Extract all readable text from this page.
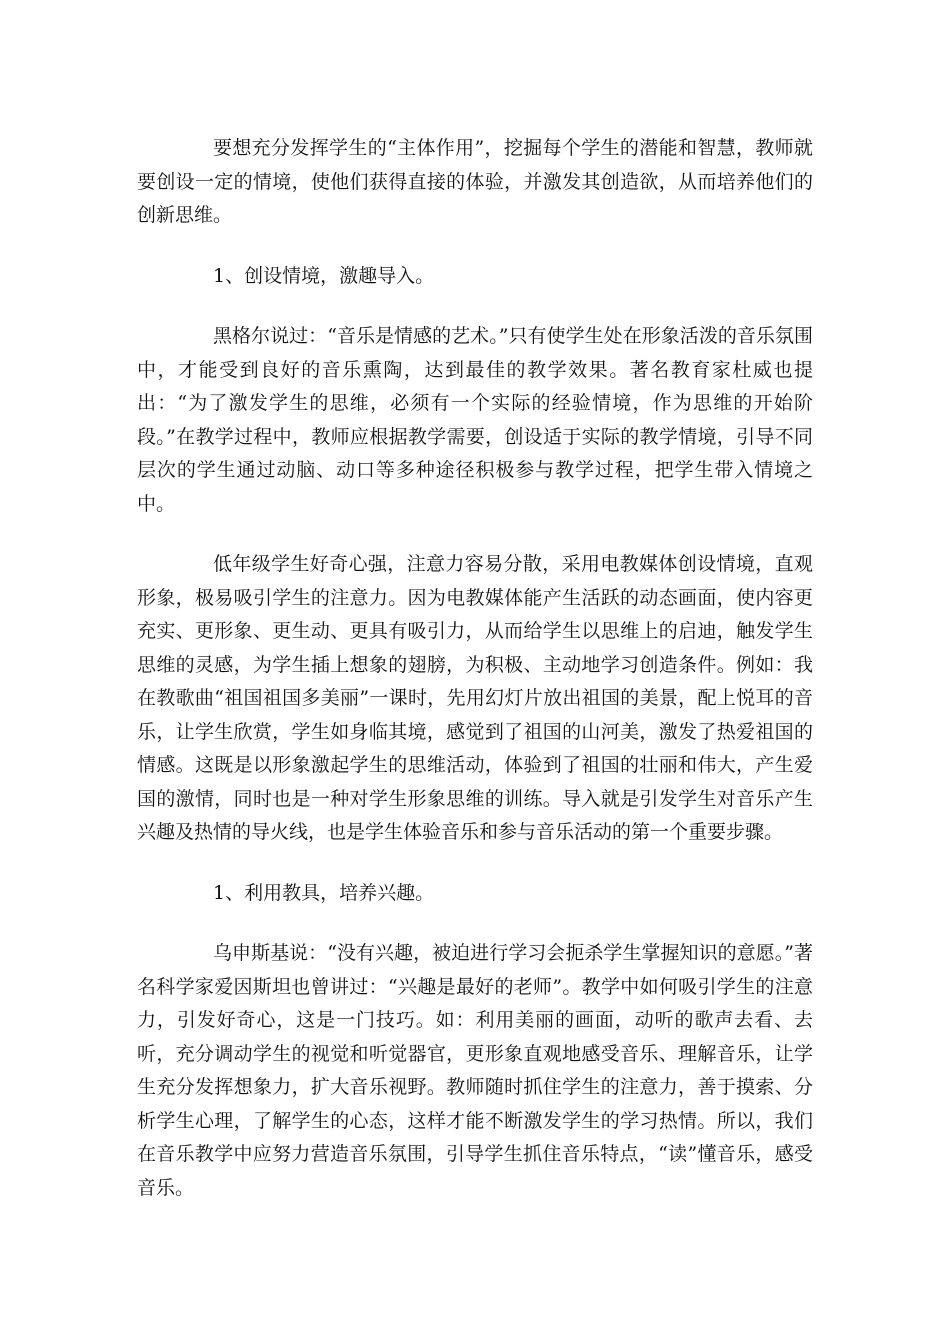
要想充分发挥学生的“主体作用”，挖掘每个学生的潜能和智慧，教师就要创设一定的情境，使他们获得直接的体验，并激发其创造欲，从而培养他们的创新思维。

1、创设情境，激趣导入。

黑格尔说过：“音乐是情感的艺术。”只有使学生处在形象活泼的音乐氛围中，才能受到良好的音乐熏陶，达到最佳的教学效果。著名教育家杜威也提出：“为了激发学生的思维，必须有一个实际的经验情境，作为思维的开始阶段。”在教学过程中，教师应根据教学需要，创设适于实际的教学情境，引导不同层次的学生通过动脑、动口等多种途径积极参与教学过程，把学生带入情境之中。

低年级学生好奇心强，注意力容易分散，采用电教媒体创设情境，直观形象，极易吸引学生的注意力。因为电教媒体能产生活跃的动态画面，使内容更充实、更形象、更生动、更具有吸引力，从而给学生以思维上的启迪，触发学生思维的灵感，为学生插上想象的翅膀，为积极、主动地学习创造条件。例如：我在教歌曲“祖国祖国多美丽”一课时，先用幻灯片放出祖国的美景，配上悦耳的音乐，让学生欣赏，学生如身临其境，感觉到了祖国的山河美，激发了热爱祖国的情感。这既是以形象激起学生的思维活动，体验到了祖国的壮丽和伟大，产生爱国的激情，同时也是一种对学生形象思维的训练。导入就是引发学生对音乐产生兴趣及热情的导火线，也是学生体验音乐和参与音乐活动的第一个重要步骤。

1、利用教具，培养兴趣。

乌申斯基说：“没有兴趣，被迫进行学习会扼杀学生掌握知识的意愿。”著名科学家爱因斯坦也曾讲过：“兴趣是最好的老师”。教学中如何吸引学生的注意力，引发好奇心，这是一门技巧。如：利用美丽的画面，动听的歌声去看、去听，充分调动学生的视觉和听觉器官，更形象直观地感受音乐、理解音乐，让学生充分发挥想象力，扩大音乐视野。教师随时抓住学生的注意力，善于摸索、分析学生心理，了解学生的心态，这样才能不断激发学生的学习热情。所以，我们在音乐教学中应努力营造音乐氛围，引导学生抓住音乐特点，“读”懂音乐，感受音乐。
